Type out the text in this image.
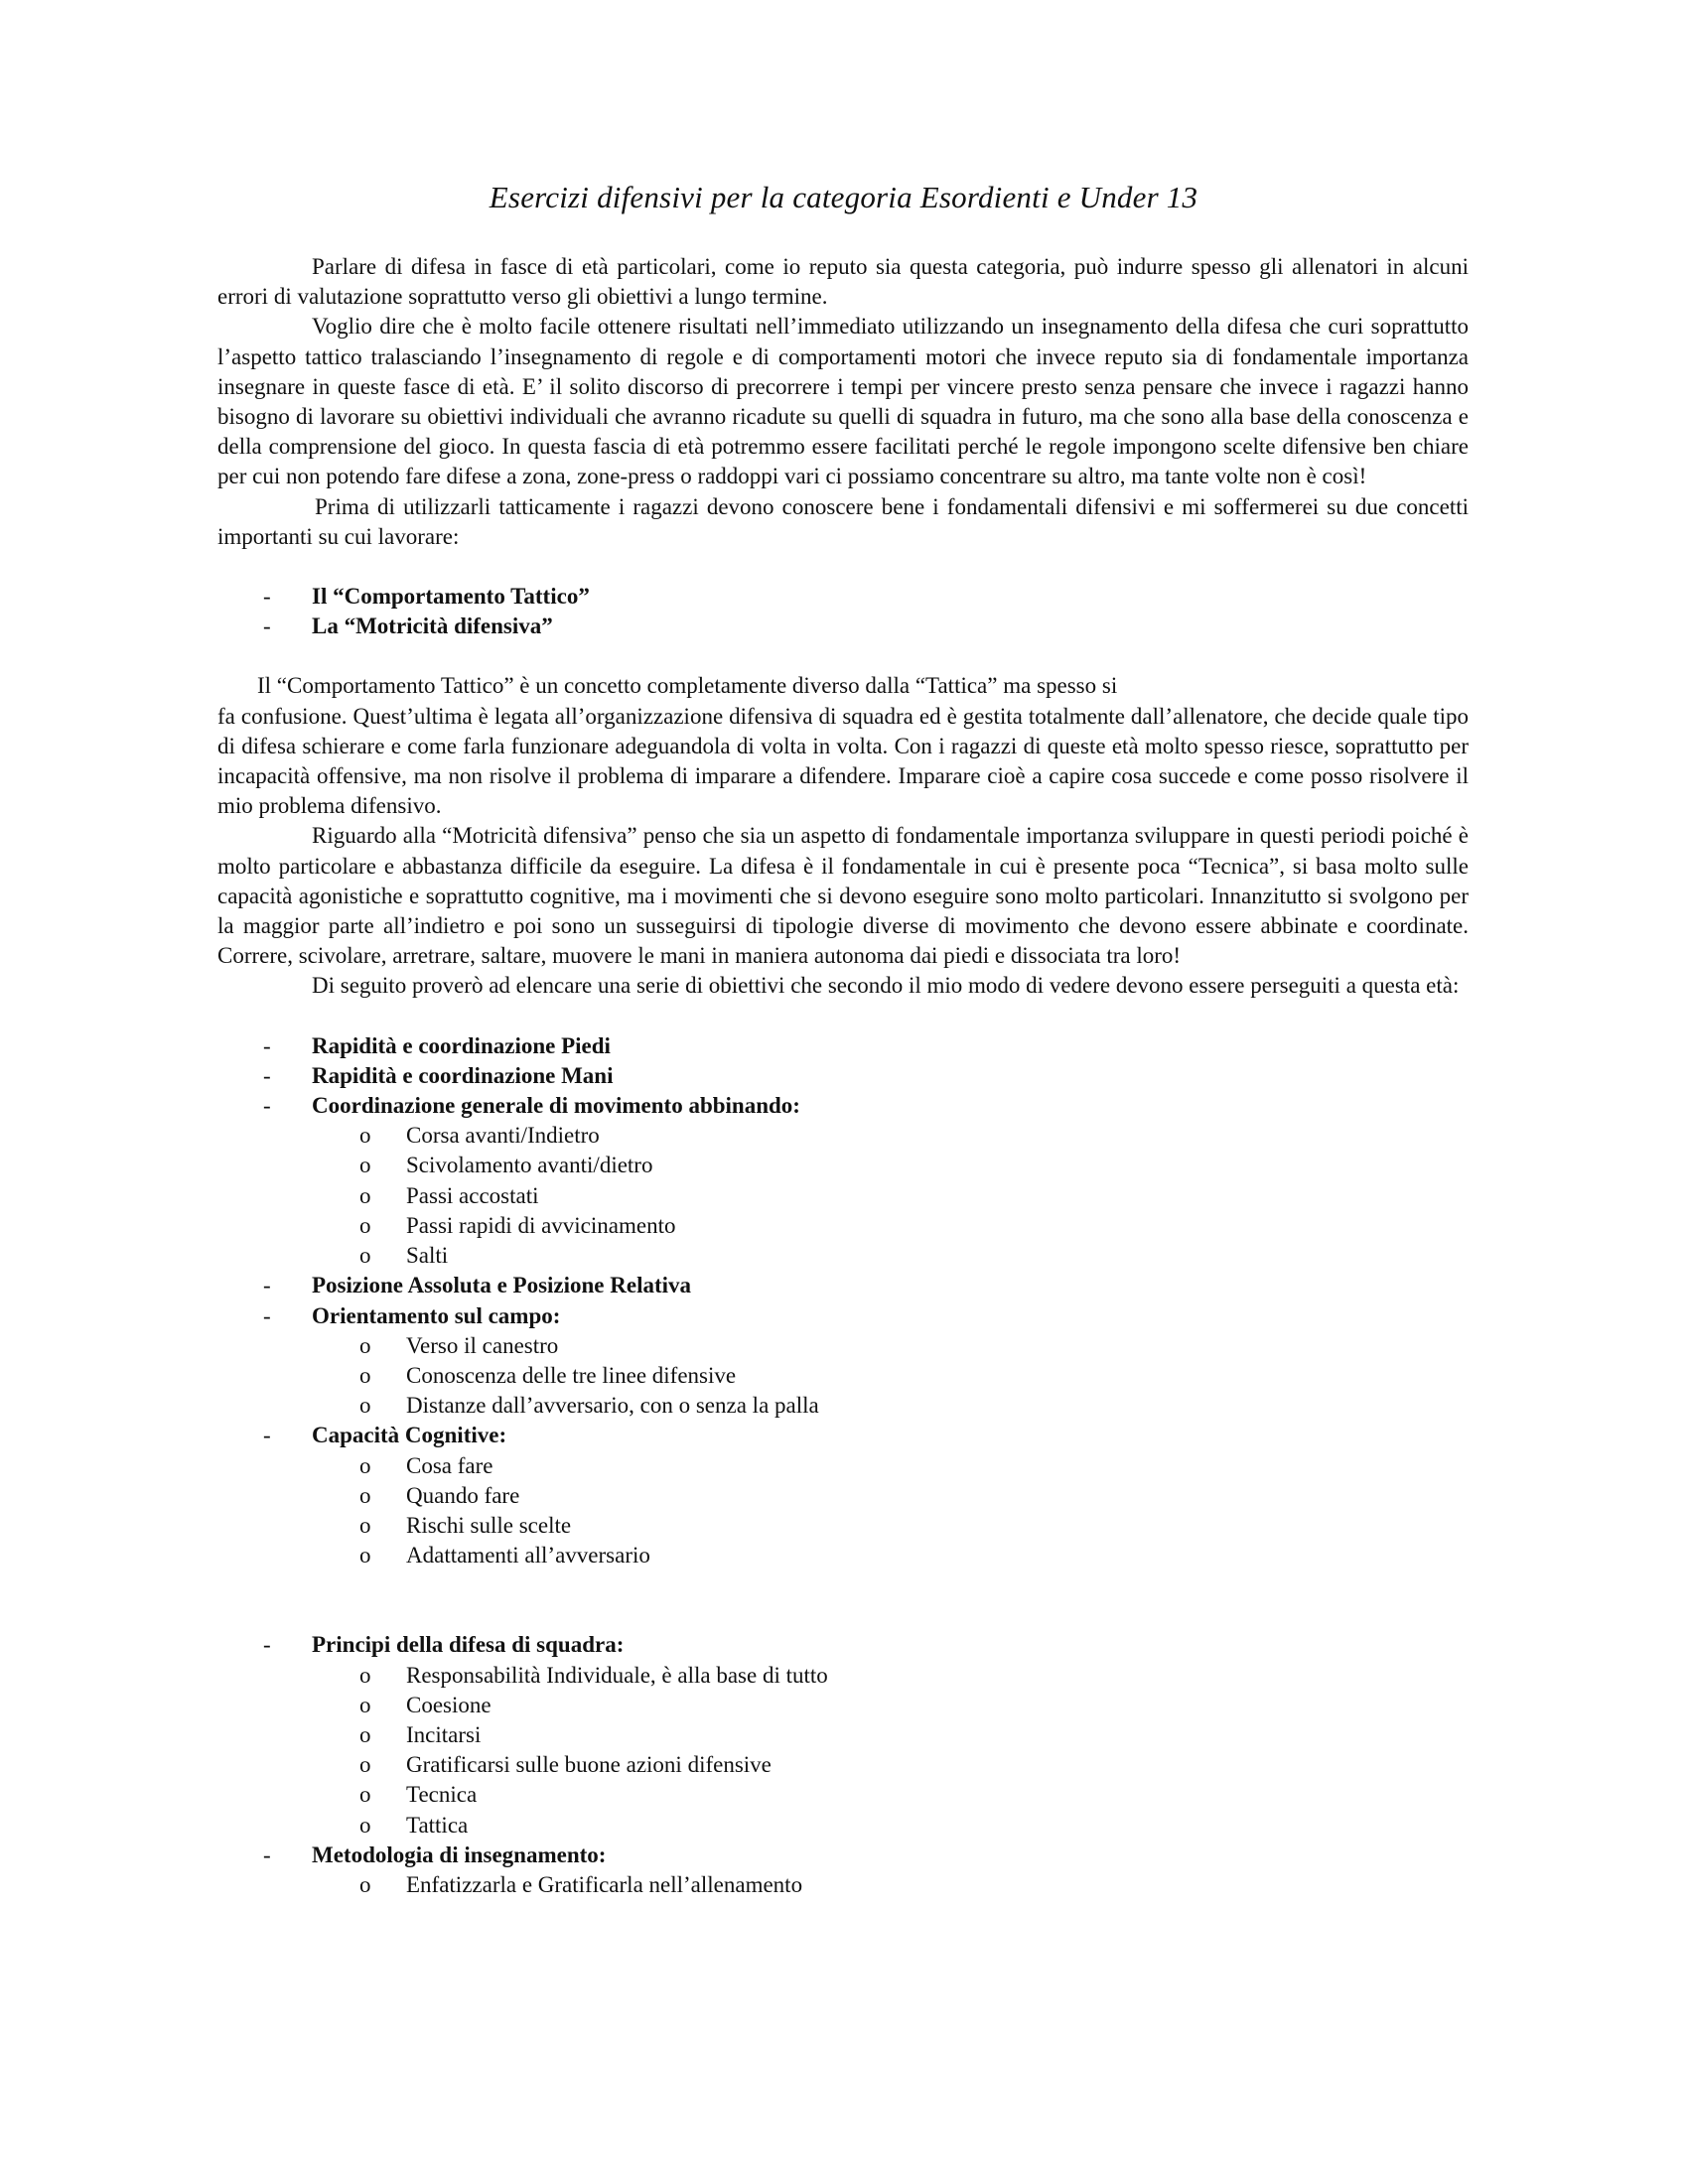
Esercizi difensivi per la categoria Esordienti e Under 13

Parlare di difesa in fasce di età particolari, come io reputo sia questa categoria, può indurre spesso gli allenatori in alcuni errori di valutazione soprattutto verso gli obiettivi a lungo termine.

Voglio dire che è molto facile ottenere risultati nell’immediato utilizzando un insegnamento della difesa che curi soprattutto l’aspetto tattico tralasciando l’insegnamento di regole e di comportamenti motori che invece reputo sia di fondamentale importanza insegnare in queste fasce di età. E’ il solito discorso di precorrere i tempi per vincere presto senza pensare che invece i ragazzi hanno bisogno di lavorare su obiettivi individuali che avranno ricadute su quelli di squadra in futuro, ma che sono alla base della conoscenza e della comprensione del gioco. In questa fascia di età potremmo essere facilitati perché le regole impongono scelte difensive ben chiare per cui non potendo fare difese a zona, zone-press o raddoppi vari ci possiamo concentrare su altro, ma tante volte non è così!

Prima di utilizzarli tatticamente i ragazzi devono conoscere bene i fondamentali difensivi e mi soffermerei su due concetti importanti su cui lavorare:

- Il “Comportamento Tattico”
- La “Motricità difensiva”

Il “Comportamento Tattico” è un concetto completamente diverso dalla “Tattica” ma spesso si

fa confusione. Quest’ultima è legata all’organizzazione difensiva di squadra ed è gestita totalmente dall’allenatore, che decide quale tipo di difesa schierare e come farla funzionare adeguandola di volta in volta. Con i ragazzi di queste età molto spesso riesce, soprattutto per incapacità offensive, ma non risolve il problema di imparare a difendere. Imparare cioè a capire cosa succede e come posso risolvere il mio problema difensivo.

Riguardo alla “Motricità difensiva” penso che sia un aspetto di fondamentale importanza sviluppare in questi periodi poiché è molto particolare e abbastanza difficile da eseguire. La difesa è il fondamentale in cui è presente poca “Tecnica”, si basa molto sulle capacità agonistiche e soprattutto cognitive, ma i movimenti che si devono eseguire sono molto particolari. Innanzitutto si svolgono per la maggior parte all’indietro e poi sono un susseguirsi di tipologie diverse di movimento che devono essere abbinate e coordinate. Correre, scivolare, arretrare, saltare, muovere le mani in maniera autonoma dai piedi e dissociata tra loro!

Di seguito proverò ad elencare una serie di obiettivi che secondo il mio modo di vedere devono essere perseguiti a questa età:

- Rapidità e coordinazione Piedi
- Rapidità e coordinazione Mani
- Coordinazione generale di movimento abbinando:
o Corsa avanti/Indietro
o Scivolamento avanti/dietro
o Passi accostati
o Passi rapidi di avvicinamento
o Salti
- Posizione Assoluta e Posizione Relativa
- Orientamento sul campo:
o Verso il canestro
o Conoscenza delle tre linee difensive
o Distanze dall’avversario, con o senza la palla
- Capacità Cognitive:
o Cosa fare
o Quando fare
o Rischi sulle scelte
o Adattamenti all’avversario
- Principi della difesa di squadra:
o Responsabilità Individuale, è alla base di tutto
o Coesione
o Incitarsi
o Gratificarsi sulle buone azioni difensive
o Tecnica
o Tattica
- Metodologia di insegnamento:
o Enfatizzarla e Gratificarla nell’allenamento
